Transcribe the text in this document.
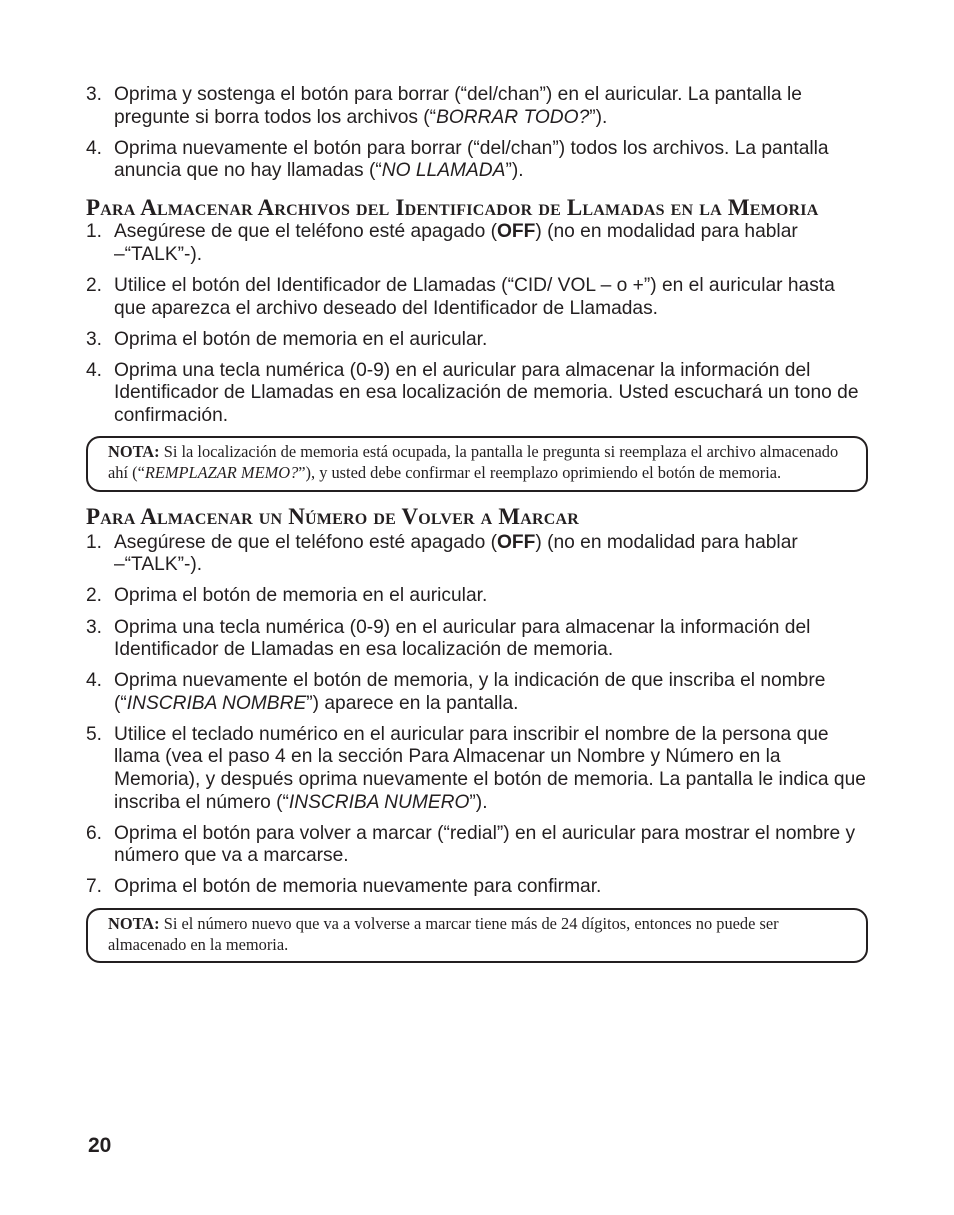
3. Oprima y sostenga el botón para borrar (“del/chan”) en el auricular. La pantalla le pregunte si borra todos los archivos (“BORRAR TODO?”).
4. Oprima nuevamente el botón para borrar (“del/chan”) todos los archivos. La pantalla anuncia que no hay llamadas (“NO LLAMADA”).
Para Almacenar Archivos del Identificador de Llamadas en la Memoria
1. Asegúrese de que el teléfono esté apagado (OFF) (no en modalidad para hablar –“TALK”-).
2. Utilice el botón del Identificador de Llamadas (“CID/ VOL – o +”) en el auricular hasta que aparezca el archivo deseado del Identificador de Llamadas.
3. Oprima el botón de memoria en el auricular.
4. Oprima una tecla numérica (0-9) en el auricular para almacenar la información del Identificador de Llamadas en esa localización de memoria. Usted escuchará un tono de confirmación.
NOTA: Si la localización de memoria está ocupada, la pantalla le pregunta si reemplaza el archivo almacenado ahí (“REMPLAZAR MEMO?”), y usted debe confirmar el reemplazo oprimiendo el botón de memoria.
Para Almacenar un Número de Volver a Marcar
1. Asegúrese de que el teléfono esté apagado (OFF) (no en modalidad para hablar –“TALK”-).
2. Oprima el botón de memoria en el auricular.
3. Oprima una tecla numérica (0-9) en el auricular para almacenar la información del Identificador de Llamadas en esa localización de memoria.
4. Oprima nuevamente el botón de memoria, y la indicación de que inscriba el nombre (“INSCRIBA NOMBRE”) aparece en la pantalla.
5. Utilice el teclado numérico en el auricular para inscribir el nombre de la persona que llama (vea el paso 4 en la sección Para Almacenar un Nombre y Número en la Memoria), y después oprima nuevamente el botón de memoria. La pantalla le indica que inscriba el número (“INSCRIBA NUMERO”).
6. Oprima el botón para volver a marcar (“redial”) en el auricular para mostrar el nombre y número que va a marcarse.
7. Oprima el botón de memoria nuevamente para confirmar.
NOTA: Si el número nuevo que va a volverse a marcar tiene más de 24 dígitos, entonces no puede ser almacenado en la memoria.
20
